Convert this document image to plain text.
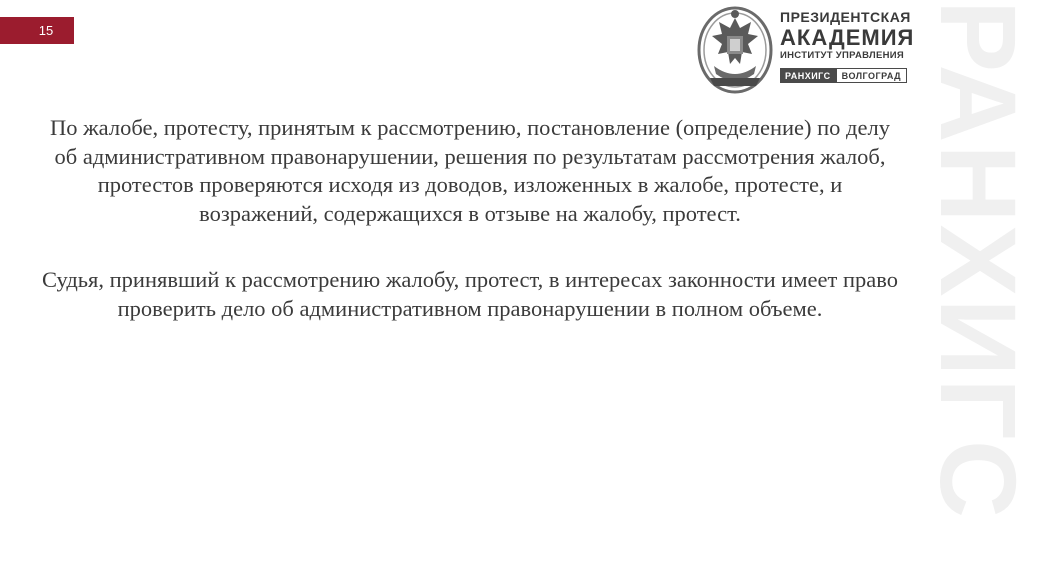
РАНХИГС
15
ПРЕЗИДЕНТСКАЯ
АКАДЕМИЯ
ИНСТИТУТ УПРАВЛЕНИЯ
РАНХИГС	ВОЛГОГРАД

По жалобе, протесту, принятым к рассмотрению, постановление (определение) по делу об административном правонарушении, решения по результатам рассмотрения жалоб, протестов проверяются исходя из доводов, изложенных в жалобе, протесте, и возражений, содержащихся в отзыве на жалобу, протест.

Судья, принявший к рассмотрению жалобу, протест, в интересах законности имеет право проверить дело об административном правонарушении в полном объеме.
